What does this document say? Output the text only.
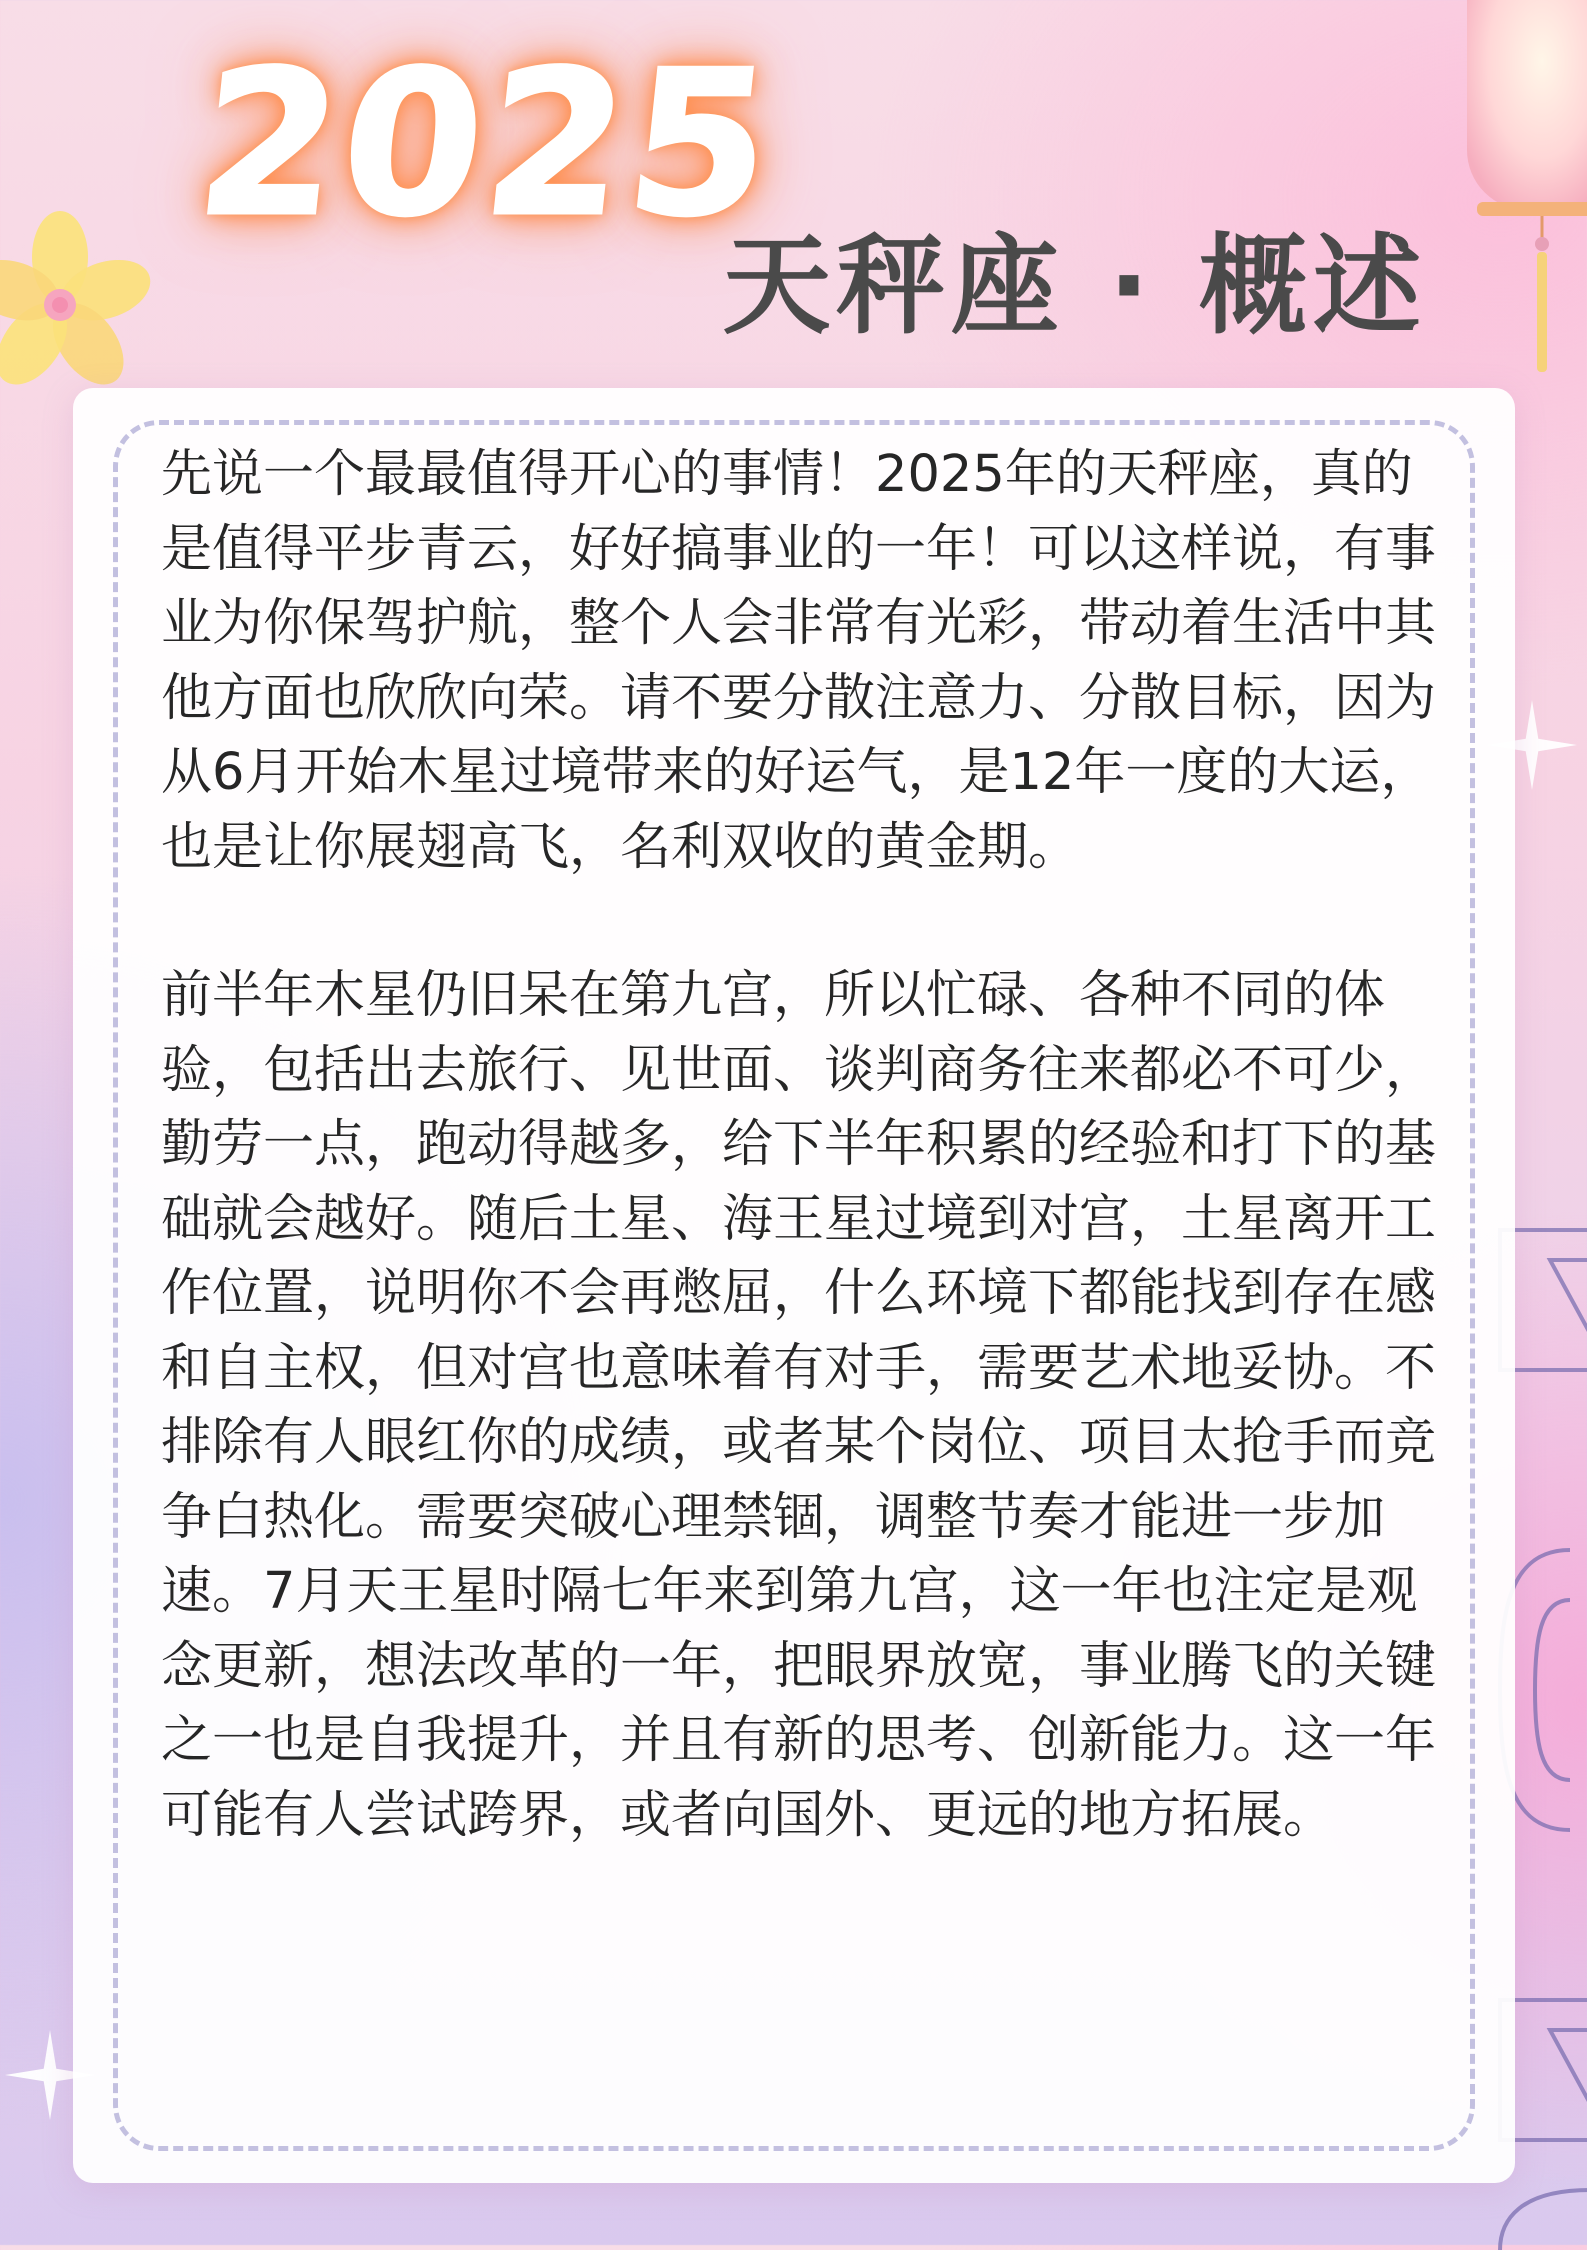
2025
天秤座 · 概述

先说一个最最值得开心的事情！2025年的天秤座，真的是值得平步青云，好好搞事业的一年！可以这样说，有事业为你保驾护航，整个人会非常有光彩，带动着生活中其他方面也欣欣向荣。请不要分散注意力、分散目标，因为从6月开始木星过境带来的好运气，是12年一度的大运，也是让你展翅高飞，名利双收的黄金期。

前半年木星仍旧呆在第九宫，所以忙碌、各种不同的体验，包括出去旅行、见世面、谈判商务往来都必不可少，勤劳一点，跑动得越多，给下半年积累的经验和打下的基础就会越好。随后土星、海王星过境到对宫，土星离开工作位置，说明你不会再憋屈，什么环境下都能找到存在感和自主权，但对宫也意味着有对手，需要艺术地妥协。不排除有人眼红你的成绩，或者某个岗位、项目太抢手而竞争白热化。需要突破心理禁锢，调整节奏才能进一步加速。7月天王星时隔七年来到第九宫，这一年也注定是观念更新，想法改革的一年，把眼界放宽，事业腾飞的关键之一也是自我提升，并且有新的思考、创新能力。这一年可能有人尝试跨界，或者向国外、更远的地方拓展。
